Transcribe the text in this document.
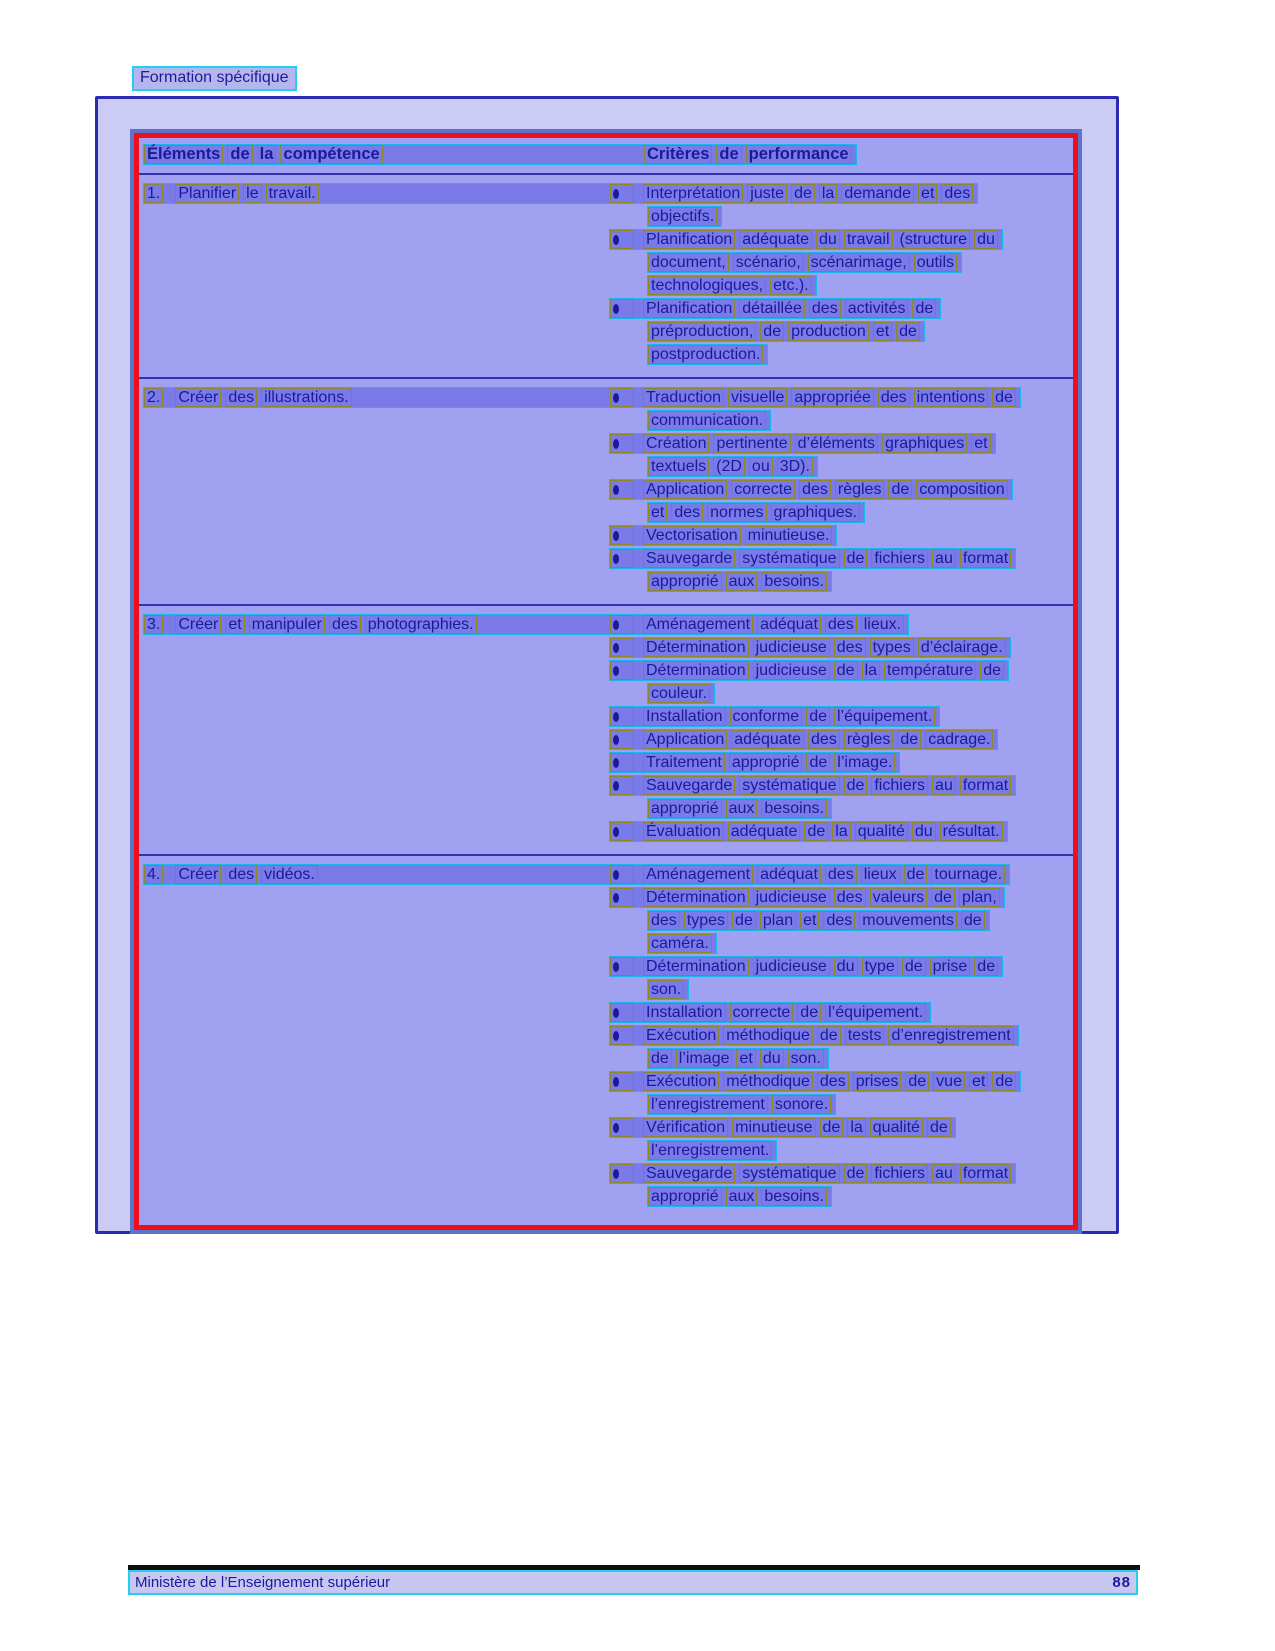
Formation spécifique
Éléments de la compétence	Critères de performance
1. Planifier le travail.	Interprétation juste de la demande et des
objectifs.
Planification adéquate du travail (structure du
document, scénario, scénarimage, outils
technologiques, etc.).
Planification détaillée des activités de
préproduction, de production et de
postproduction.
2. Créer des illustrations.	Traduction visuelle appropriée des intentions de
communication.
Création pertinente d’éléments graphiques et
textuels (2D ou 3D).
Application correcte des règles de composition
et des normes graphiques.
Vectorisation minutieuse.
Sauvegarde systématique de fichiers au format
approprié aux besoins.
3. Créer et manipuler des photographies.	Aménagement adéquat des lieux.
Détermination judicieuse des types d’éclairage.
Détermination judicieuse de la température de
couleur.
Installation conforme de l’équipement.
Application adéquate des règles de cadrage.
Traitement approprié de l’image.
Sauvegarde systématique de fichiers au format
approprié aux besoins.
Évaluation adéquate de la qualité du résultat.
4. Créer des vidéos.	Aménagement adéquat des lieux de tournage.
Détermination judicieuse des valeurs de plan,
des types de plan et des mouvements de
caméra.
Détermination judicieuse du type de prise de
son.
Installation correcte de l’équipement.
Exécution méthodique de tests d’enregistrement
de l’image et du son.
Exécution méthodique des prises de vue et de
l’enregistrement sonore.
Vérification minutieuse de la qualité de
l’enregistrement.
Sauvegarde systématique de fichiers au format
approprié aux besoins.
Ministère de l’Enseignement supérieur	88
